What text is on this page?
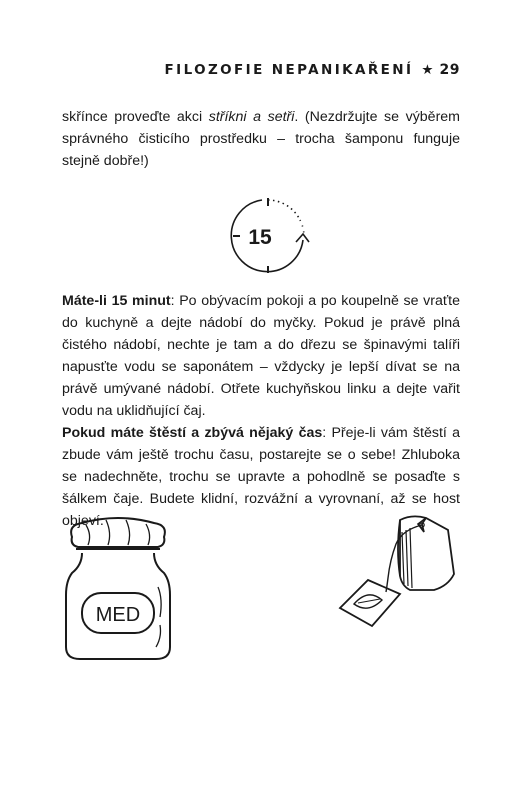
FILOZOFIE NEPANIKAŘENÍ ★ 29

skřínce proveďte akci stříkni a setři. (Nezdržujte se výběrem správného čisticího prostředku – trocha šamponu funguje stejně dobře!)

15

Máte-li 15 minut: Po obývacím pokoji a po koupelně se vraťte do kuchyně a dejte nádobí do myčky. Pokud je právě plná čistého nádobí, nechte je tam a do dřezu se špinavými talíři napusťte vodu se saponátem – vždycky je lepší dívat se na právě umývané nádobí. Otřete kuchyňskou linku a dejte vařit vodu na uklidňující čaj.

Pokud máte štěstí a zbývá nějaký čas: Přeje-li vám štěstí a zbude vám ještě trochu času, postarejte se o sebe! Zhluboka se nadechněte, trochu se upravte a pohodlně se posaďte s šálkem čaje. Budete klidní, rozvážní a vyrovnaní, až se host objeví.

MED
